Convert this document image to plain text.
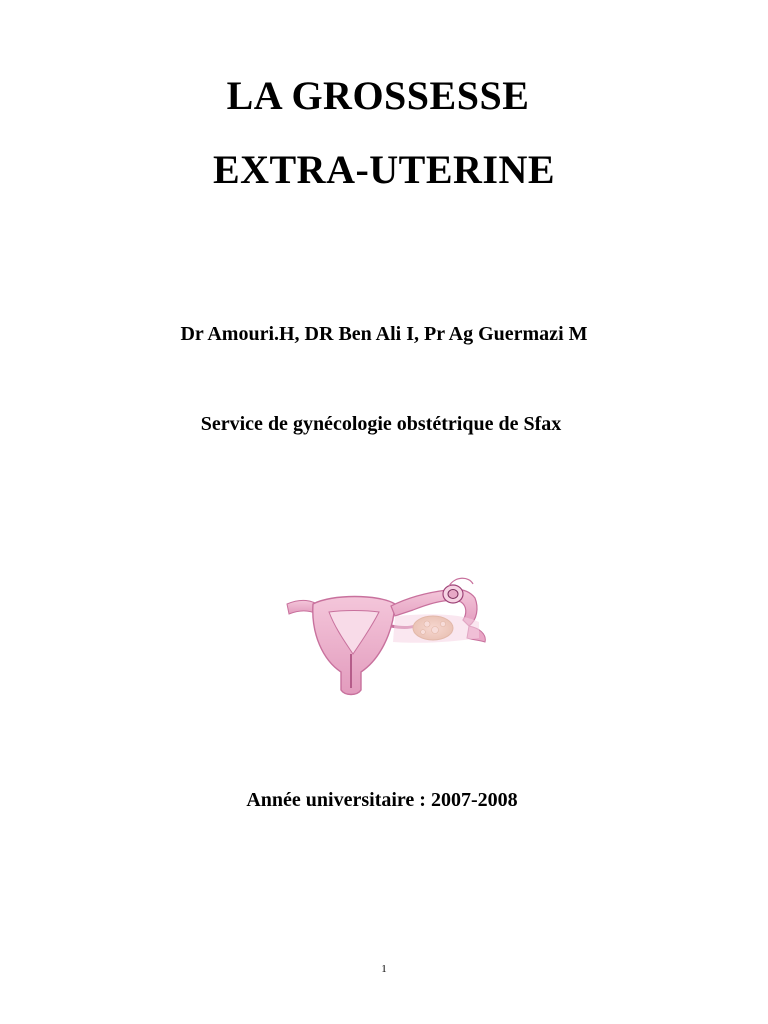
LA GROSSESSE
EXTRA-UTERINE
Dr Amouri.H, DR Ben Ali I, Pr Ag Guermazi M
Service de gynécologie obstétrique de Sfax
Année universitaire : 2007-2008
1
